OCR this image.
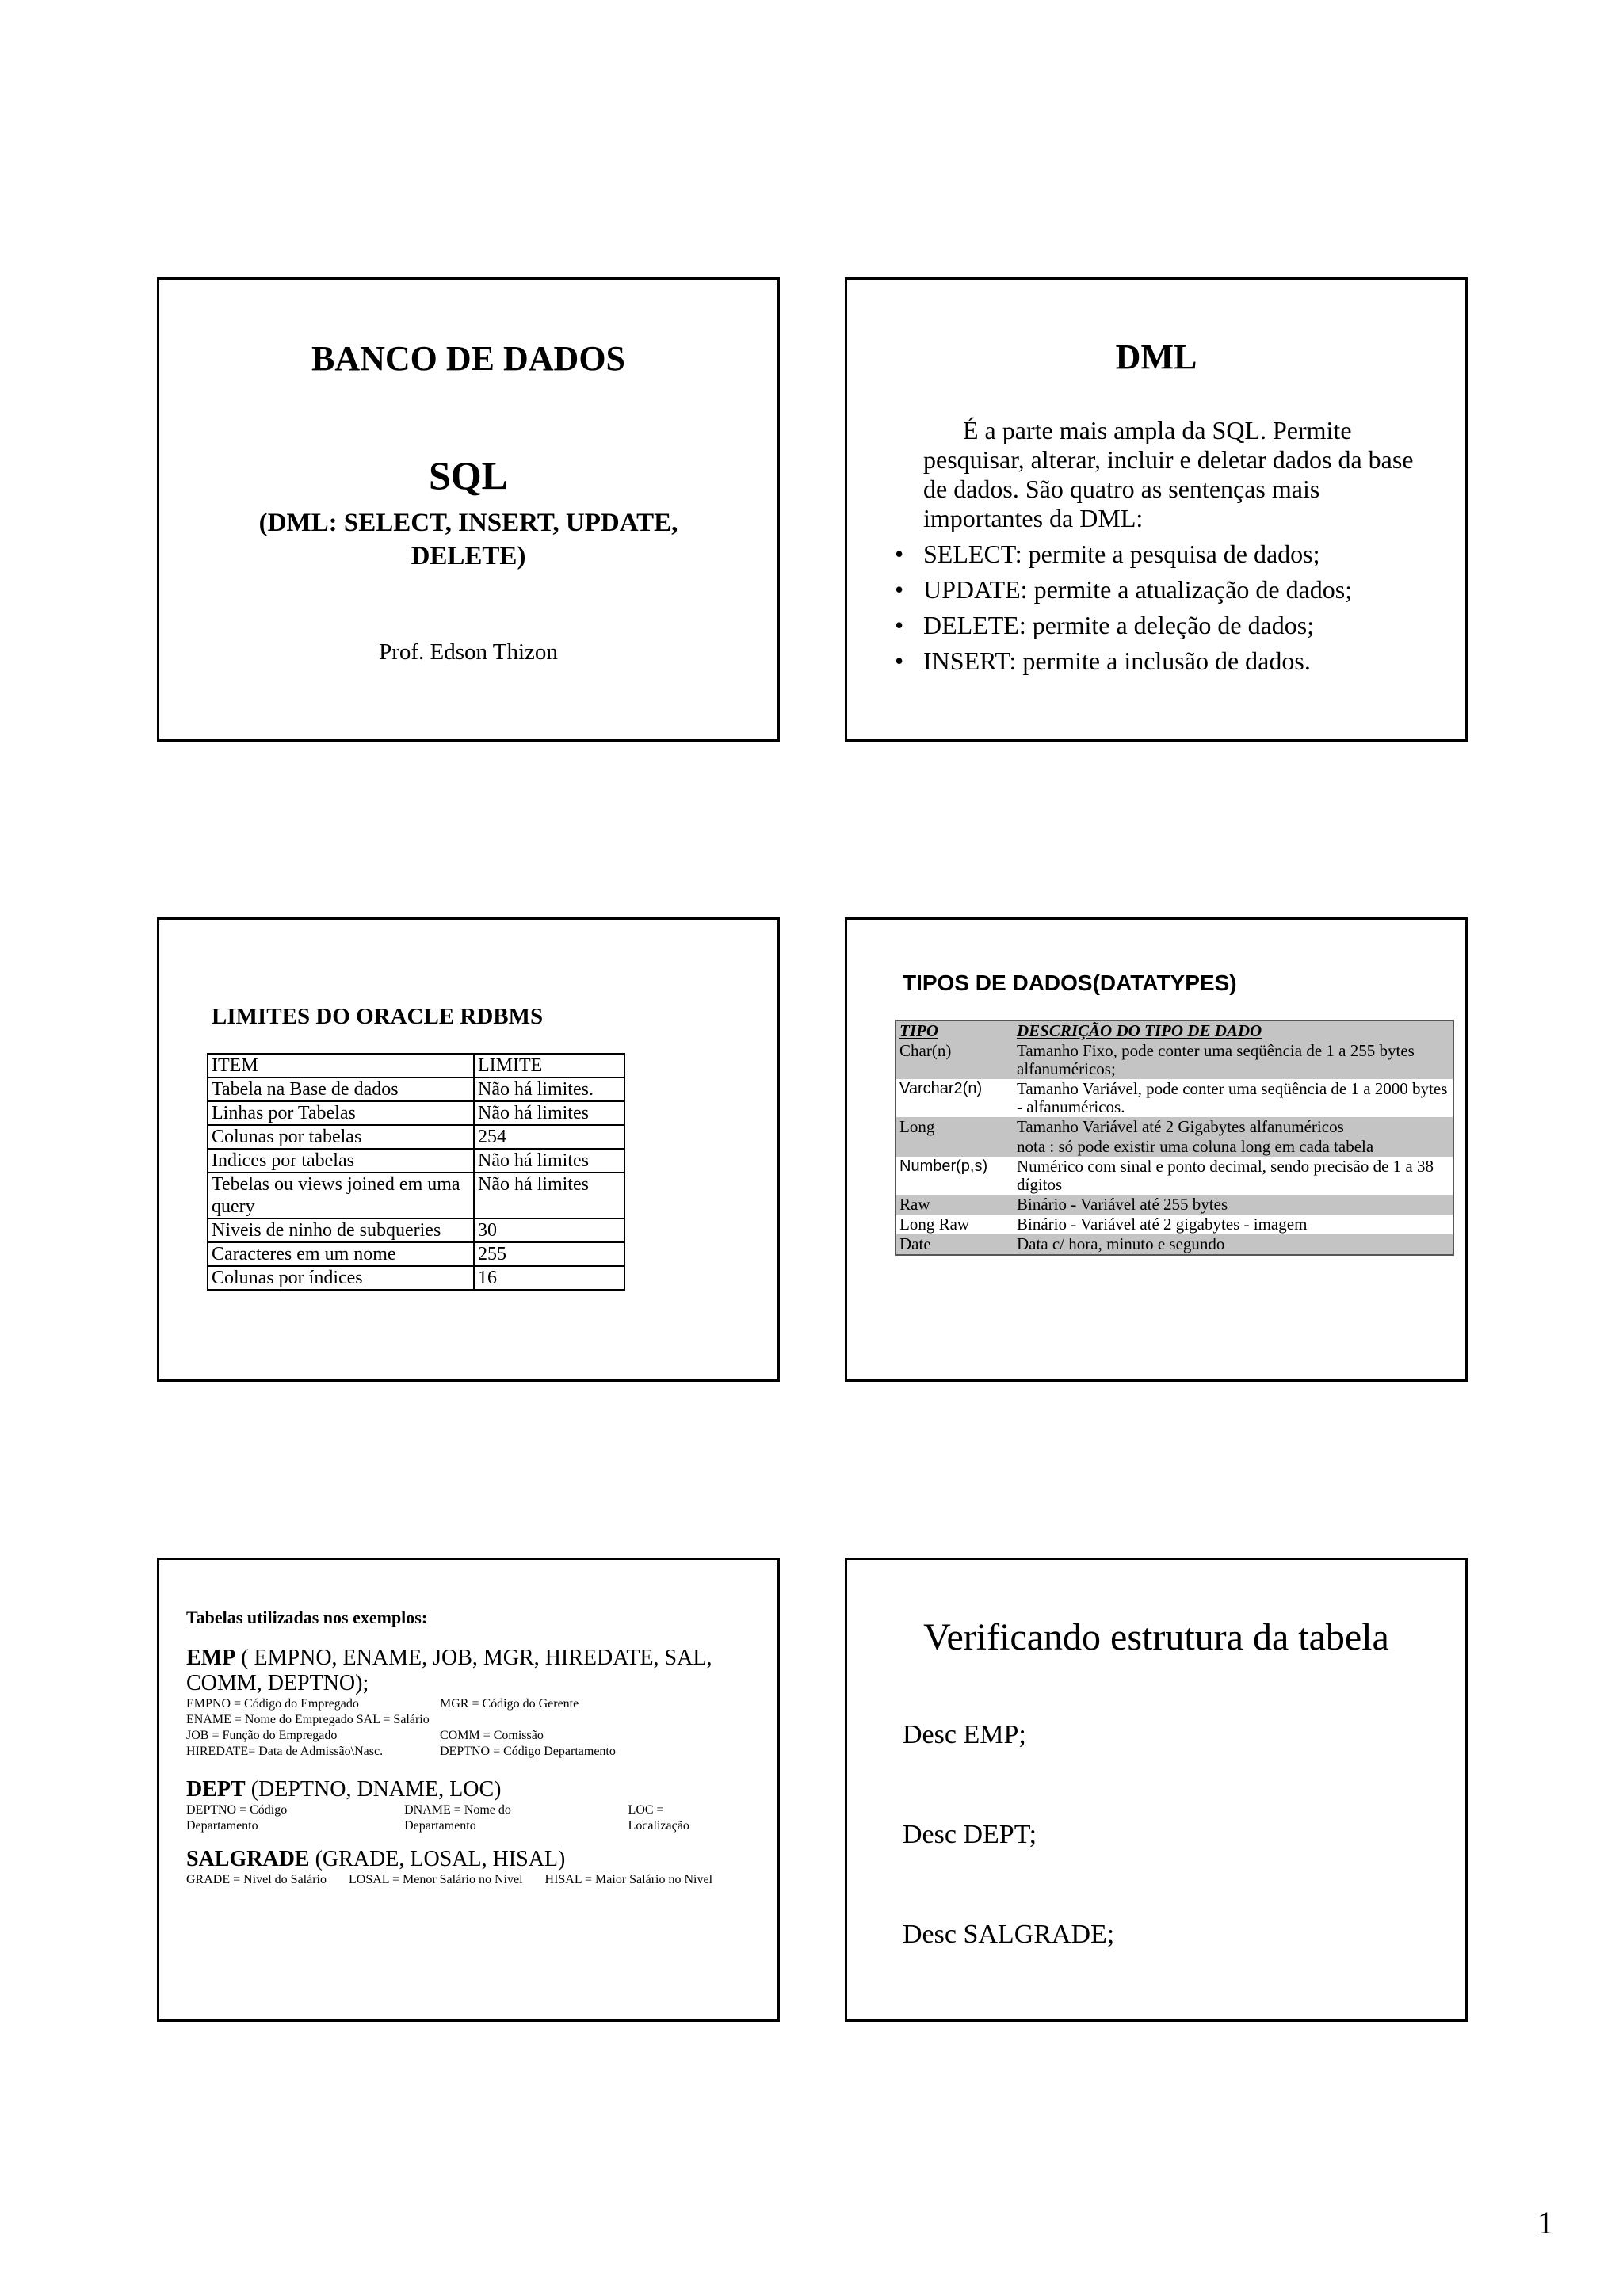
BANCO DE DADOS
SQL
(DML: SELECT, INSERT, UPDATE, DELETE)
Prof. Edson Thizon
DML
É a parte mais ampla da SQL. Permite pesquisar, alterar, incluir e deletar dados da base de dados. São quatro as sentenças mais importantes da DML:
• SELECT: permite a pesquisa de dados;
• UPDATE: permite a atualização de dados;
• DELETE: permite a deleção de dados;
• INSERT: permite a inclusão de dados.
LIMITES DO ORACLE RDBMS
ITEM	LIMITE
Tabela na Base de dados	Não há limites.
Linhas por Tabelas	Não há limites
Colunas por tabelas	254
Indices por tabelas	Não há limites
Tebelas ou views joined em uma query	Não há limites
Niveis de ninho de subqueries	30
Caracteres em um nome	255
Colunas por índices	16
TIPOS DE DADOS(DATATYPES)
TIPO	DESCRIÇÃO DO TIPO DE DADO
Char(n)	Tamanho Fixo, pode conter uma seqüência de 1 a 255 bytes alfanuméricos;
Varchar2(n)	Tamanho Variável, pode conter uma seqüência de 1 a 2000 bytes - alfanuméricos.
Long	Tamanho Variável até 2 Gigabytes alfanuméricos
	nota : só pode existir uma coluna long em cada tabela
Number(p,s)	Numérico com sinal e ponto decimal, sendo precisão de 1 a 38 dígitos
Raw	Binário - Variável até 255 bytes
Long Raw	Binário - Variável até 2 gigabytes - imagem
Date	Data c/ hora, minuto e segundo
Tabelas utilizadas nos exemplos:
EMP ( EMPNO, ENAME, JOB, MGR, HIREDATE, SAL, COMM, DEPTNO);
EMPNO = Código do Empregado	MGR = Código do Gerente
ENAME = Nome do Empregado SAL = Salário
JOB = Função do Empregado	COMM = Comissão
HIREDATE= Data de Admissão\Nasc.	DEPTNO = Código Departamento
DEPT (DEPTNO, DNAME, LOC)
DEPTNO = Código Departamento
DNAME = Nome do Departamento
LOC = Localização
SALGRADE (GRADE, LOSAL, HISAL)
GRADE = Nível do Salário LOSAL = Menor Salário no Nível HISAL = Maior Salário no Nível
Verificando estrutura da tabela
Desc EMP;
Desc DEPT;
Desc SALGRADE;
1
